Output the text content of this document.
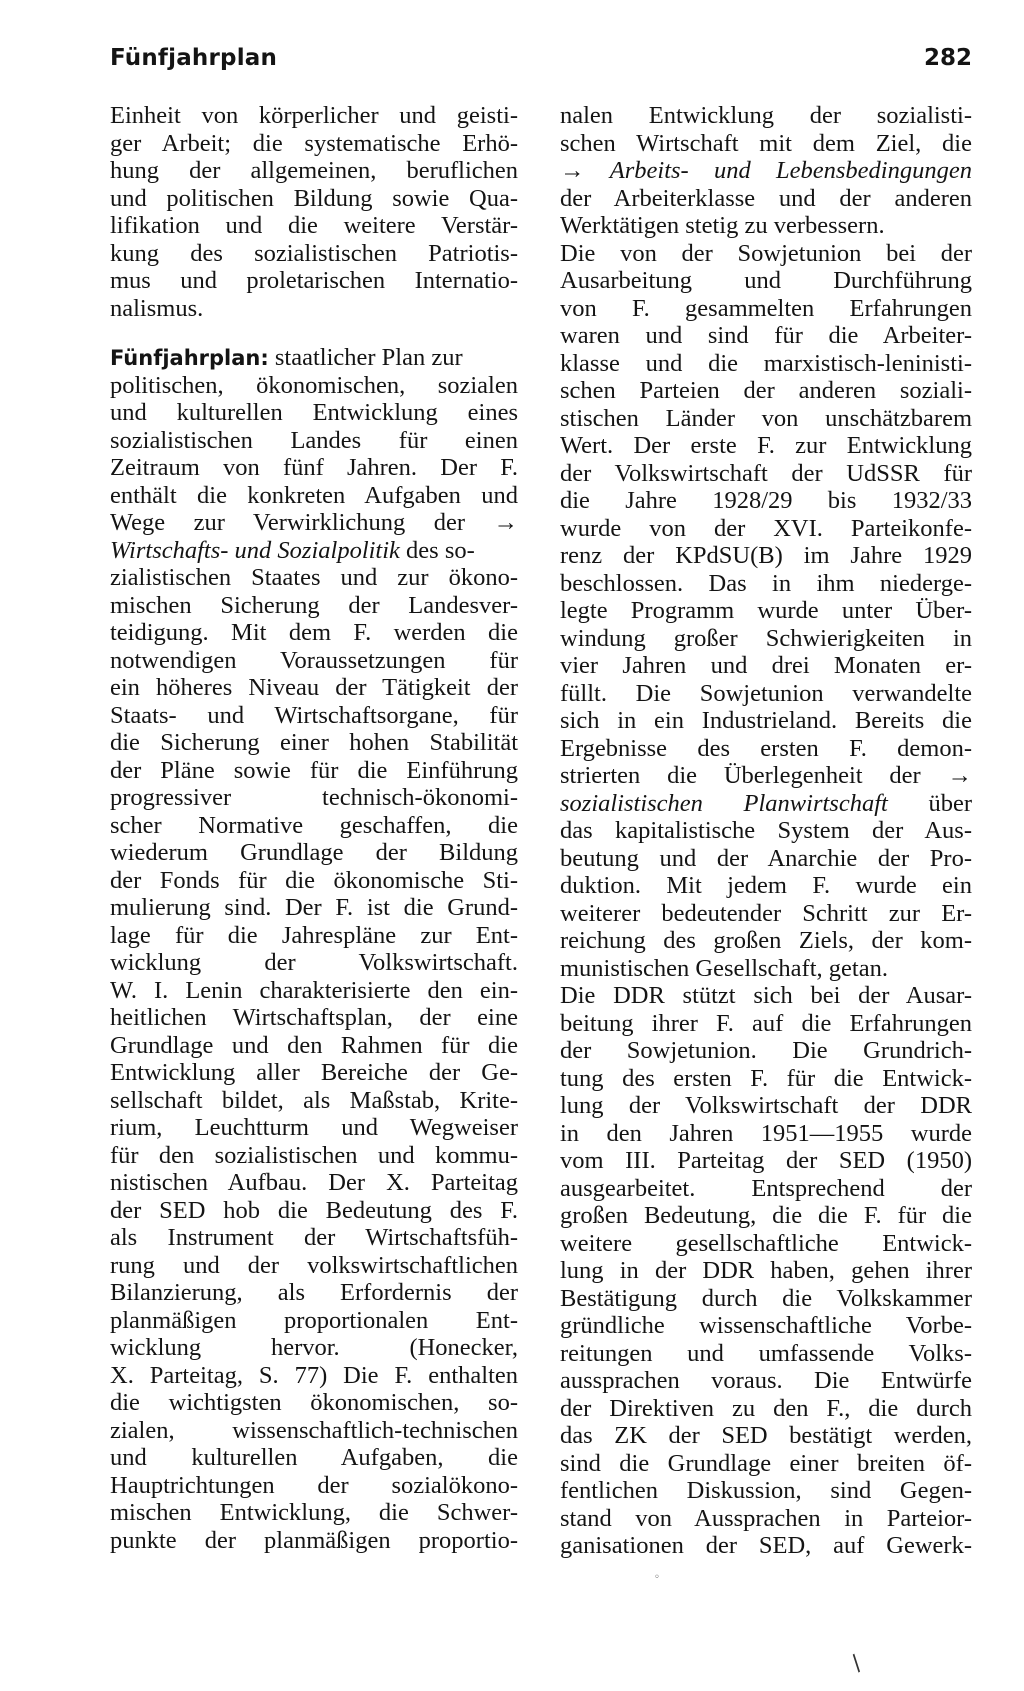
Fünfjahrplan	282
Einheit von körperlicher und geisti-
ger Arbeit; die systematische Erhö-
hung der allgemeinen, beruflichen
und politischen Bildung sowie Qua-
lifikation und die weitere Verstär-
kung des sozialistischen Patriotis-
mus und proletarischen Internatio-
nalismus.
Fünfjahrplan: staatlicher Plan zur
politischen, ökonomischen, sozialen
und kulturellen Entwicklung eines
sozialistischen Landes für einen
Zeitraum von fünf Jahren. Der F.
enthält die konkreten Aufgaben und
Wege zur Verwirklichung der →
Wirtschafts- und Sozialpolitik des so-
zialistischen Staates und zur ökono-
mischen Sicherung der Landesver-
teidigung. Mit dem F. werden die
notwendigen Voraussetzungen für
ein höheres Niveau der Tätigkeit der
Staats- und Wirtschaftsorgane, für
die Sicherung einer hohen Stabilität
der Pläne sowie für die Einführung
progressiver technisch-ökonomi-
scher Normative geschaffen, die
wiederum Grundlage der Bildung
der Fonds für die ökonomische Sti-
mulierung sind. Der F. ist die Grund-
lage für die Jahrespläne zur Ent-
wicklung der Volkswirtschaft.
W. I. Lenin charakterisierte den ein-
heitlichen Wirtschaftsplan, der eine
Grundlage und den Rahmen für die
Entwicklung aller Bereiche der Ge-
sellschaft bildet, als Maßstab, Krite-
rium, Leuchtturm und Wegweiser
für den sozialistischen und kommu-
nistischen Aufbau. Der X. Parteitag
der SED hob die Bedeutung des F.
als Instrument der Wirtschaftsfüh-
rung und der volkswirtschaftlichen
Bilanzierung, als Erfordernis der
planmäßigen proportionalen Ent-
wicklung hervor. (Honecker,
X. Parteitag, S. 77) Die F. enthalten
die wichtigsten ökonomischen, so-
zialen, wissenschaftlich-technischen
und kulturellen Aufgaben, die
Hauptrichtungen der sozialökono-
mischen Entwicklung, die Schwer-
punkte der planmäßigen proportio-
nalen Entwicklung der sozialisti-
schen Wirtschaft mit dem Ziel, die
→ Arbeits- und Lebensbedingungen
der Arbeiterklasse und der anderen
Werktätigen stetig zu verbessern.
Die von der Sowjetunion bei der
Ausarbeitung und Durchführung
von F. gesammelten Erfahrungen
waren und sind für die Arbeiter-
klasse und die marxistisch-leninisti-
schen Parteien der anderen soziali-
stischen Länder von unschätzbarem
Wert. Der erste F. zur Entwicklung
der Volkswirtschaft der UdSSR für
die Jahre 1928/29 bis 1932/33
wurde von der XVI. Parteikonfe-
renz der KPdSU(B) im Jahre 1929
beschlossen. Das in ihm niederge-
legte Programm wurde unter Über-
windung großer Schwierigkeiten in
vier Jahren und drei Monaten er-
füllt. Die Sowjetunion verwandelte
sich in ein Industrieland. Bereits die
Ergebnisse des ersten F. demon-
strierten die Überlegenheit der →
sozialistischen Planwirtschaft über
das kapitalistische System der Aus-
beutung und der Anarchie der Pro-
duktion. Mit jedem F. wurde ein
weiterer bedeutender Schritt zur Er-
reichung des großen Ziels, der kom-
munistischen Gesellschaft, getan.
Die DDR stützt sich bei der Ausar-
beitung ihrer F. auf die Erfahrungen
der Sowjetunion. Die Grundrich-
tung des ersten F. für die Entwick-
lung der Volkswirtschaft der DDR
in den Jahren 1951—1955 wurde
vom III. Parteitag der SED (1950)
ausgearbeitet. Entsprechend der
großen Bedeutung, die die F. für die
weitere gesellschaftliche Entwick-
lung in der DDR haben, gehen ihrer
Bestätigung durch die Volkskammer
gründliche wissenschaftliche Vorbe-
reitungen und umfassende Volks-
aussprachen voraus. Die Entwürfe
der Direktiven zu den F., die durch
das ZK der SED bestätigt werden,
sind die Grundlage einer breiten öf-
fentlichen Diskussion, sind Gegen-
stand von Aussprachen in Parteior-
ganisationen der SED, auf Gewerk-
◦
/
